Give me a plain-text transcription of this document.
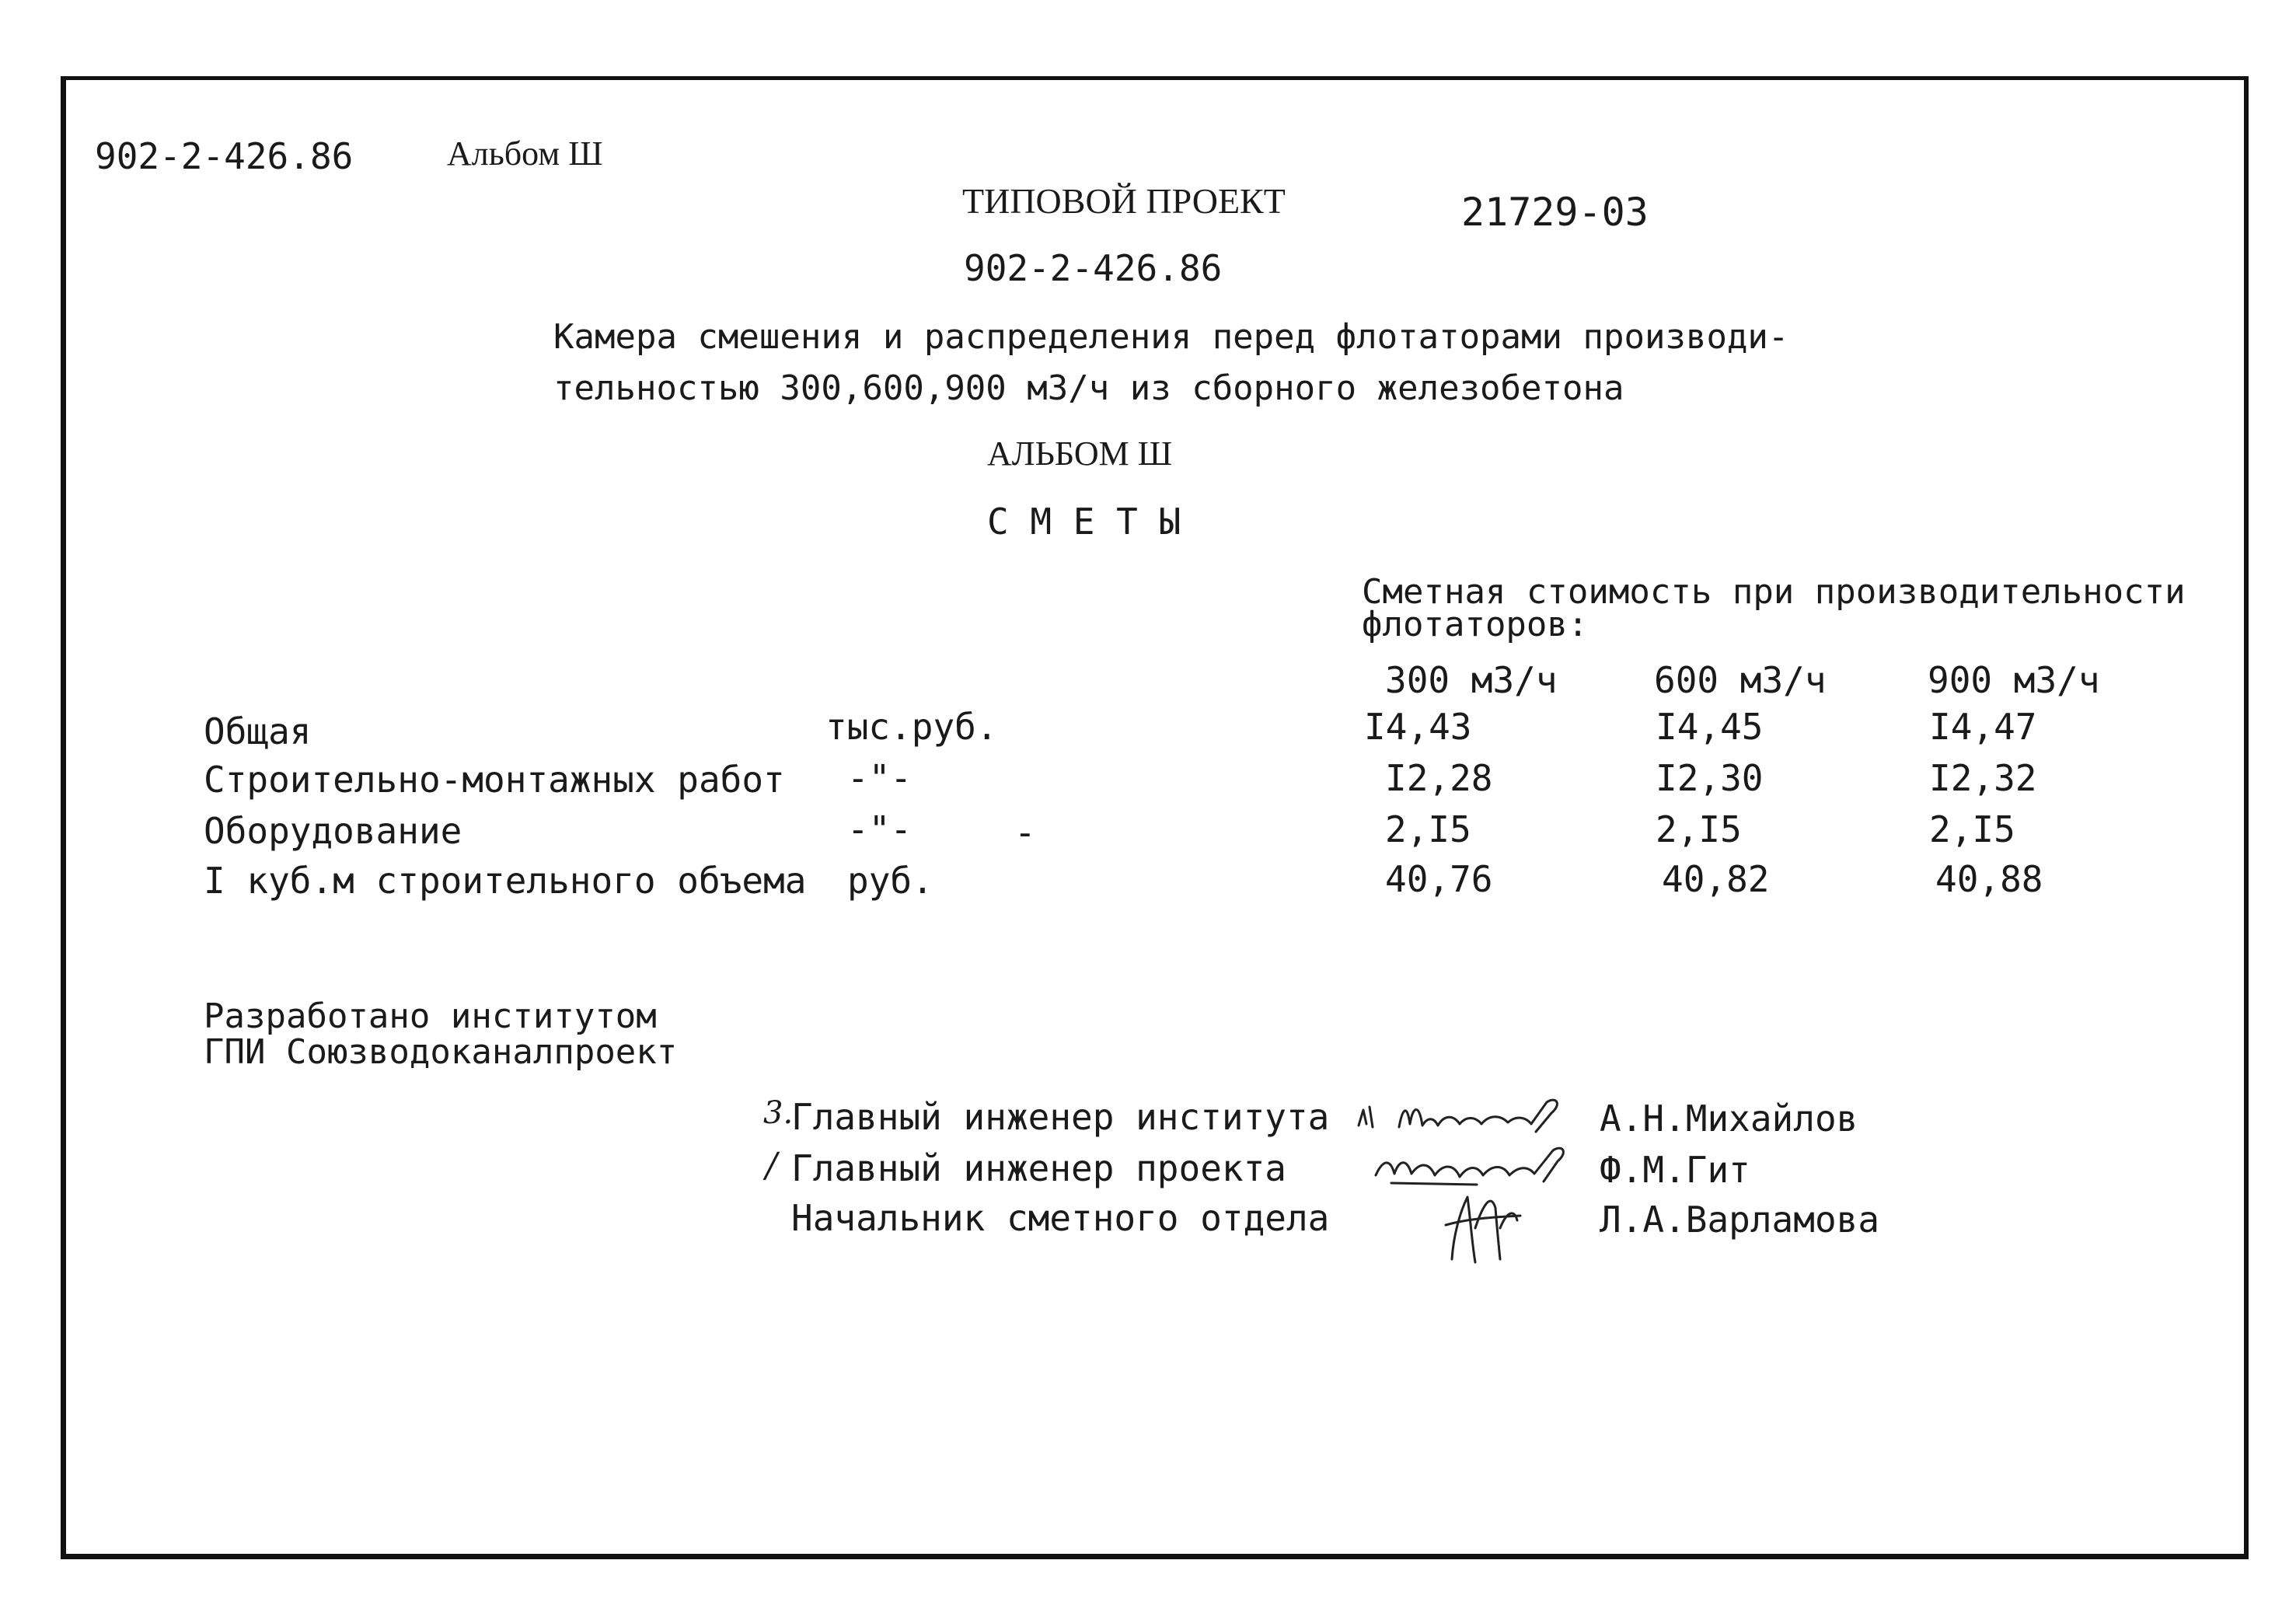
902-2-426.86	Альбом Ш
ТИПОВОЙ ПРОЕКТ	21729-03
902-2-426.86
Камера смешения и распределения перед флотаторами производи-
тельностью 300,600,900 м3/ч из сборного железобетона
АЛЬБОМ Ш
С М Е Т Ы
Сметная стоимость при производительности
флотаторов:
300 м3/ч	600 м3/ч	900 м3/ч
Общая	тыс.руб.	I4,43	I4,45	I4,47
Строительно-монтажных работ -"-	I2,28	I2,30	I2,32
Оборудование	-"-	-	2,I5	2,I5	2,I5
I куб.м строительного объема руб.	40,76	40,82	40,88
Разработано институтом
ГПИ Союзводоканалпроект
3.
Главный инженер института	А.Н.Михайлов
/ Главный инженер проекта	Ф.М.Гит
Начальник сметного отдела	Л.А.Варламова
